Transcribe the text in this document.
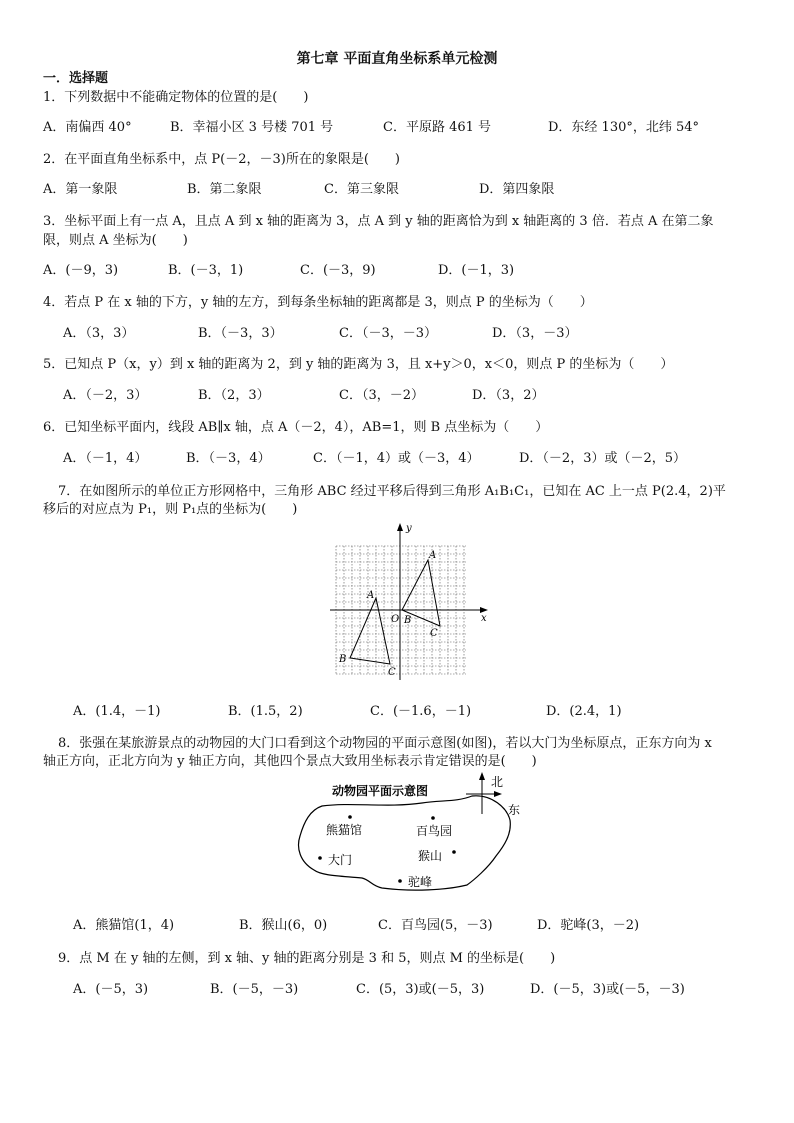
第七章 平面直角坐标系单元检测
一．选择题
1．下列数据中不能确定物体的位置的是(　　)
A．南偏西 40°	B．幸福小区 3 号楼 701 号	C．平原路 461 号	D．东经 130°，北纬 54°
2．在平面直角坐标系中，点 P(－2，－3)所在的象限是(　　)
A．第一象限	B．第二象限	C．第三象限	D．第四象限
3．坐标平面上有一点 A，且点 A 到 x 轴的距离为 3，点 A 到 y 轴的距离恰为到 x 轴距离的 3 倍．若点 A 在第二象
限，则点 A 坐标为(　　)
A．(－9，3)	B．(－3，1)	C．(－3，9)	D．(－1，3)
4．若点 P 在 x 轴的下方，y 轴的左方，到每条坐标轴的距离都是 3，则点 P 的坐标为（　　）
A．（3，3）	B．（－3，3）	C．（－3，－3）	D．（3，－3）
5．已知点 P（x，y）到 x 轴的距离为 2，到 y 轴的距离为 3，且 x+y＞0，x＜0，则点 P 的坐标为（　　）
A．（－2，3）	B．（2，3）	C．（3，－2）	D．（3，2）
6．已知坐标平面内，线段 AB∥x 轴，点 A（－2，4），AB=1，则 B 点坐标为（　　）
A．（－1，4）	B．（－3，4）	C．（－1，4）或（－3，4）	D．（－2，3）或（－2，5）
7．在如图所示的单位正方形网格中，三角形 ABC 经过平移后得到三角形 A₁B₁C₁，已知在 AC 上一点 P(2.4，2)平
移后的对应点为 P₁，则 P₁点的坐标为(　　)
x
y
O
A
B
C
A
B
C
A．(1.4，－1)	B．(1.5，2)	C．(－1.6，－1)	D．(2.4，1)
8．张强在某旅游景点的动物园的大门口看到这个动物园的平面示意图(如图)，若以大门为坐标原点，正东方向为 x
轴正方向，正北方向为 y 轴正方向，其他四个景点大致用坐标表示肯定错误的是(　　)
动物园平面示意图
北
东
熊猫馆	百鸟园
大门	猴山
驼峰
A．熊猫馆(1，4)	B．猴山(6，0)	C．百鸟园(5，－3)	D．驼峰(3，－2)
9．点 M 在 y 轴的左侧，到 x 轴、y 轴的距离分别是 3 和 5，则点 M 的坐标是(　　)
A．(－5，3)	B．(－5，－3)	C．(5，3)或(－5，3)	D．(－5，3)或(－5，－3)
